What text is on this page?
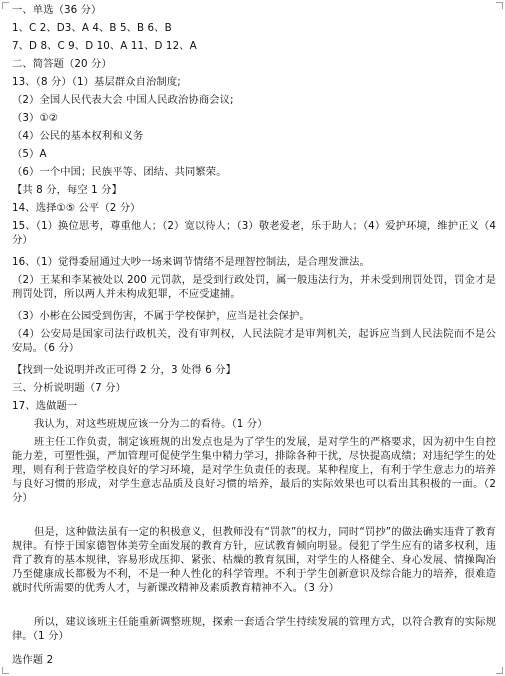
一、单选（36 分）
1、C 2、D3、A 4、B 5、B 6、B
7、D 8、C 9、D 10、A 11、D 12、A
二、简答题（20 分）
13、（8 分）（1）基层群众自治制度;
（2）全国人民代表大会 中国人民政治协商会议;
（3）①②
（4）公民的基本权利和义务
（5）A
（6）一个中国；民族平等、团结、共同繁荣。
【共 8 分，每空 1 分】
14、选择①⑤ 公平（2 分）
15、（1）换位思考，尊重他人；（2）宽以待人；（3）敬老爱老，乐于助人；（4）爱护环境，维护正义（4 分）
16、（1）觉得委屈通过大吵一场来调节情绪不是理智控制法，是合理发泄法。
（2）王某和李某被处以 200 元罚款，是受到行政处罚，属一般违法行为，并未受到刑罚处罚，罚金才是刑罚处罚，所以两人并未构成犯罪，不应受逮捕。
（3）小彬在公园受到伤害，不属于学校保护，应当是社会保护。
（4）公安局是国家司法行政机关，没有审判权，人民法院才是审判机关，起诉应当到人民法院而不是公安局。（6 分）
【找到一处说明并改正可得 2 分，3 处得 6 分】
三、分析说明题（7 分）
17、选做题一
我认为，对这些班规应该一分为二的看待。（1 分）
班主任工作负责，制定该班规的出发点也是为了学生的发展，是对学生的严格要求，因为初中生自控能力差，可塑性强，严加管理可促使学生集中精力学习，排除各种干扰，尽快提高成绩；对违纪学生的处理，则有利于营造学校良好的学习环境，是对学生负责任的表现。某种程度上，有利于学生意志力的培养与良好习惯的形成，对学生意志品质及良好习惯的培养，最后的实际效果也可以看出其积极的一面。（2 分）
但是，这种做法虽有一定的积极意义，但教师没有“罚款”的权力，同时“罚抄”的做法确实违背了教育规律。有悖于国家德智体美劳全面发展的教育方针，应试教育倾向明显。侵犯了学生应有的诸多权利，违背了教育的基本规律，容易形成压抑、紧张、枯燥的教育氛围，对学生的人格健全、身心发展、情操陶冶乃至健康成长都极为不利，不是一种人性化的科学管理。不利于学生创新意识及综合能力的培养，很难造就时代所需要的优秀人才，与新课改精神及素质教育精神不入。（3 分）
所以，建议该班主任能重新调整班规，探索一套适合学生持续发展的管理方式，以符合教育的实际规律。（1 分）
选作题 2
